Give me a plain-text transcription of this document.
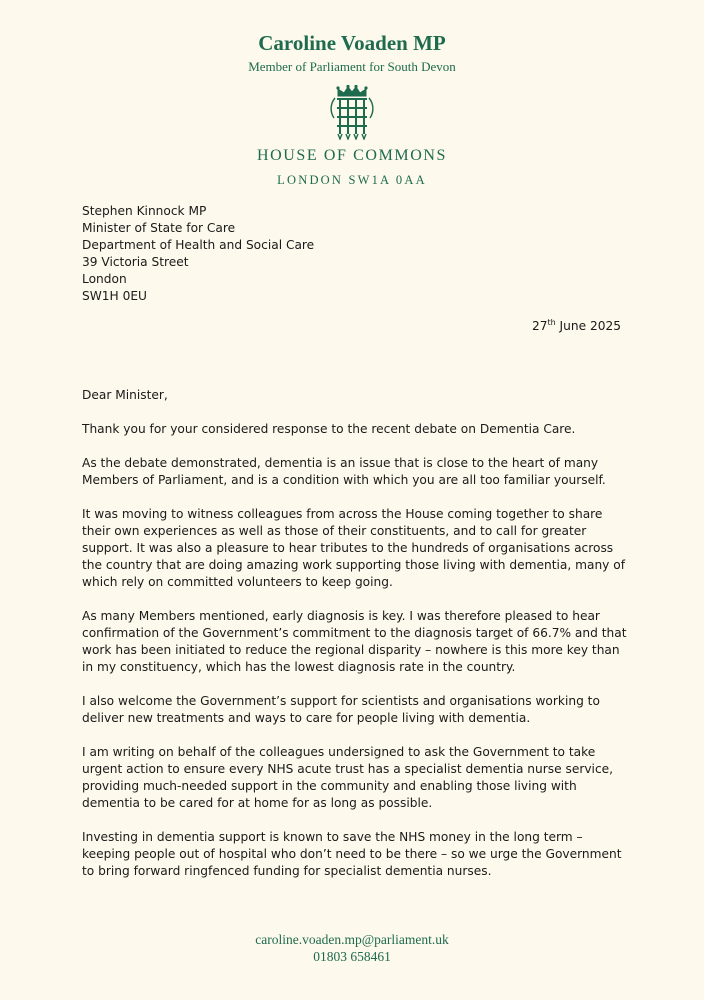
Caroline Voaden MP
Member of Parliament for South Devon
HOUSE OF COMMONS
LONDON SW1A 0AA
Stephen Kinnock MP
Minister of State for Care
Department of Health and Social Care
39 Victoria Street
London
SW1H 0EU
27th June 2025
Dear Minister,

Thank you for your considered response to the recent debate on Dementia Care.

As the debate demonstrated, dementia is an issue that is close to the heart of many Members of Parliament, and is a condition with which you are all too familiar yourself.

It was moving to witness colleagues from across the House coming together to share their own experiences as well as those of their constituents, and to call for greater support. It was also a pleasure to hear tributes to the hundreds of organisations across the country that are doing amazing work supporting those living with dementia, many of which rely on committed volunteers to keep going.

As many Members mentioned, early diagnosis is key. I was therefore pleased to hear confirmation of the Government’s commitment to the diagnosis target of 66.7% and that work has been initiated to reduce the regional disparity – nowhere is this more key than in my constituency, which has the lowest diagnosis rate in the country.

I also welcome the Government’s support for scientists and organisations working to deliver new treatments and ways to care for people living with dementia.

I am writing on behalf of the colleagues undersigned to ask the Government to take urgent action to ensure every NHS acute trust has a specialist dementia nurse service, providing much-needed support in the community and enabling those living with dementia to be cared for at home for as long as possible.

Investing in dementia support is known to save the NHS money in the long term – keeping people out of hospital who don’t need to be there – so we urge the Government to bring forward ringfenced funding for specialist dementia nurses.

caroline.voaden.mp@parliament.uk
01803 658461
